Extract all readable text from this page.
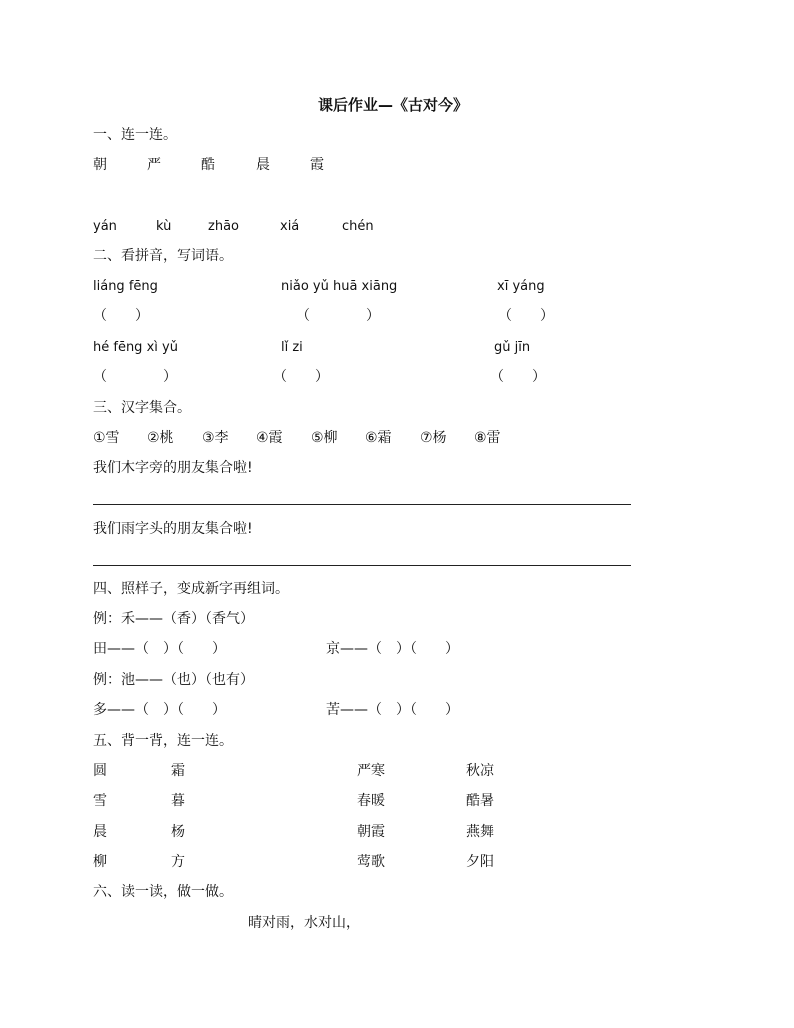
课后作业—《古对今》
一、连一连。
朝	严	酷	晨	霞
yán	kù	zhāo	xiá	chén
二、看拼音，写词语。
liáng fēng	niǎo yǔ huā xiāng	xī yáng
（　　）	（　　　　）	（　　）
hé fēng xì yǔ	lǐ zi	gǔ jīn
（　　　　）	（　　）	（　　）
三、汉字集合。
①雪 ②桃 ③李 ④霞 ⑤柳 ⑥霜 ⑦杨 ⑧雷
我们木字旁的朋友集合啦!
我们雨字头的朋友集合啦!
四、照样子，变成新字再组词。
例：禾——（香）（香气）
田——（　）（　　）	京——（　）（　　）
例：池——（也）（也有）
多——（　）（　　）	苦——（　）（　　）
五、背一背，连一连。
圆	霜	严寒	秋凉
雪	暮	春暖	酷暑
晨	杨	朝霞	燕舞
柳	方	莺歌	夕阳
六、读一读，做一做。
晴对雨，水对山，
